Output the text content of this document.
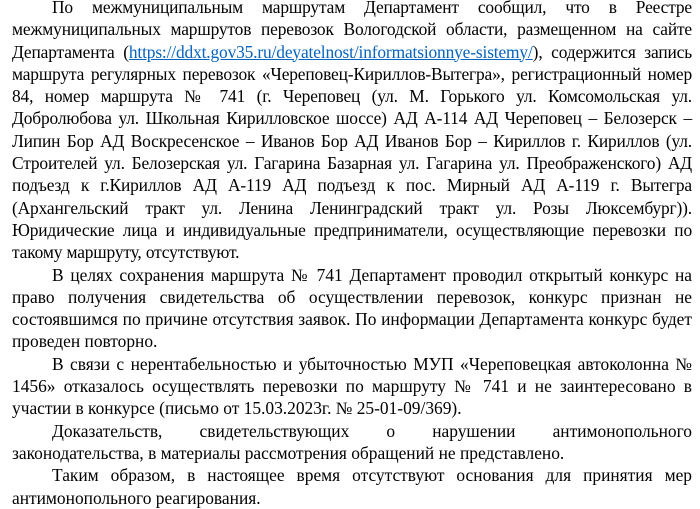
По межмуниципальным маршрутам Департамент сообщил, что в Реестре межмуниципальных маршрутов перевозок Вологодской области, размещенном на сайте Департамента (https://ddxt.gov35.ru/deyatelnost/informatsionnye-sistemy/), содержится запись маршрута регулярных перевозок «Череповец-Кириллов-Вытегра», регистрационный номер 84, номер маршрута № 741 (г. Череповец (ул. М. Горького ул. Комсомольская ул. Добролюбова ул. Школьная Кирилловское шоссе) АД А-114 АД Череповец – Белозерск – Липин Бор АД Воскресенское – Иванов Бор АД Иванов Бор – Кириллов г. Кириллов (ул. Строителей ул. Белозерская ул. Гагарина Базарная ул. Гагарина ул. Преображенского) АД подъезд к г.Кириллов АД А-119 АД подъезд к пос. Мирный АД А-119 г. Вытегра (Архангельский тракт ул. Ленина Ленинградский тракт ул. Розы Люксембург)). Юридические лица и индивидуальные предприниматели, осуществляющие перевозки по такому маршруту, отсутствуют.

В целях сохранения маршрута № 741 Департамент проводил открытый конкурс на право получения свидетельства об осуществлении перевозок, конкурс признан не состоявшимся по причине отсутствия заявок. По информации Департамента конкурс будет проведен повторно.

В связи с нерентабельностью и убыточностью МУП «Череповецкая автоколонна № 1456» отказалось осуществлять перевозки по маршруту № 741 и не заинтересовано в участии в конкурсе (письмо от 15.03.2023г. № 25-01-09/369).

Доказательств, свидетельствующих о нарушении антимонопольного законодательства, в материалы рассмотрения обращений не представлено.

Таким образом, в настоящее время отсутствуют основания для принятия мер антимонопольного реагирования.
